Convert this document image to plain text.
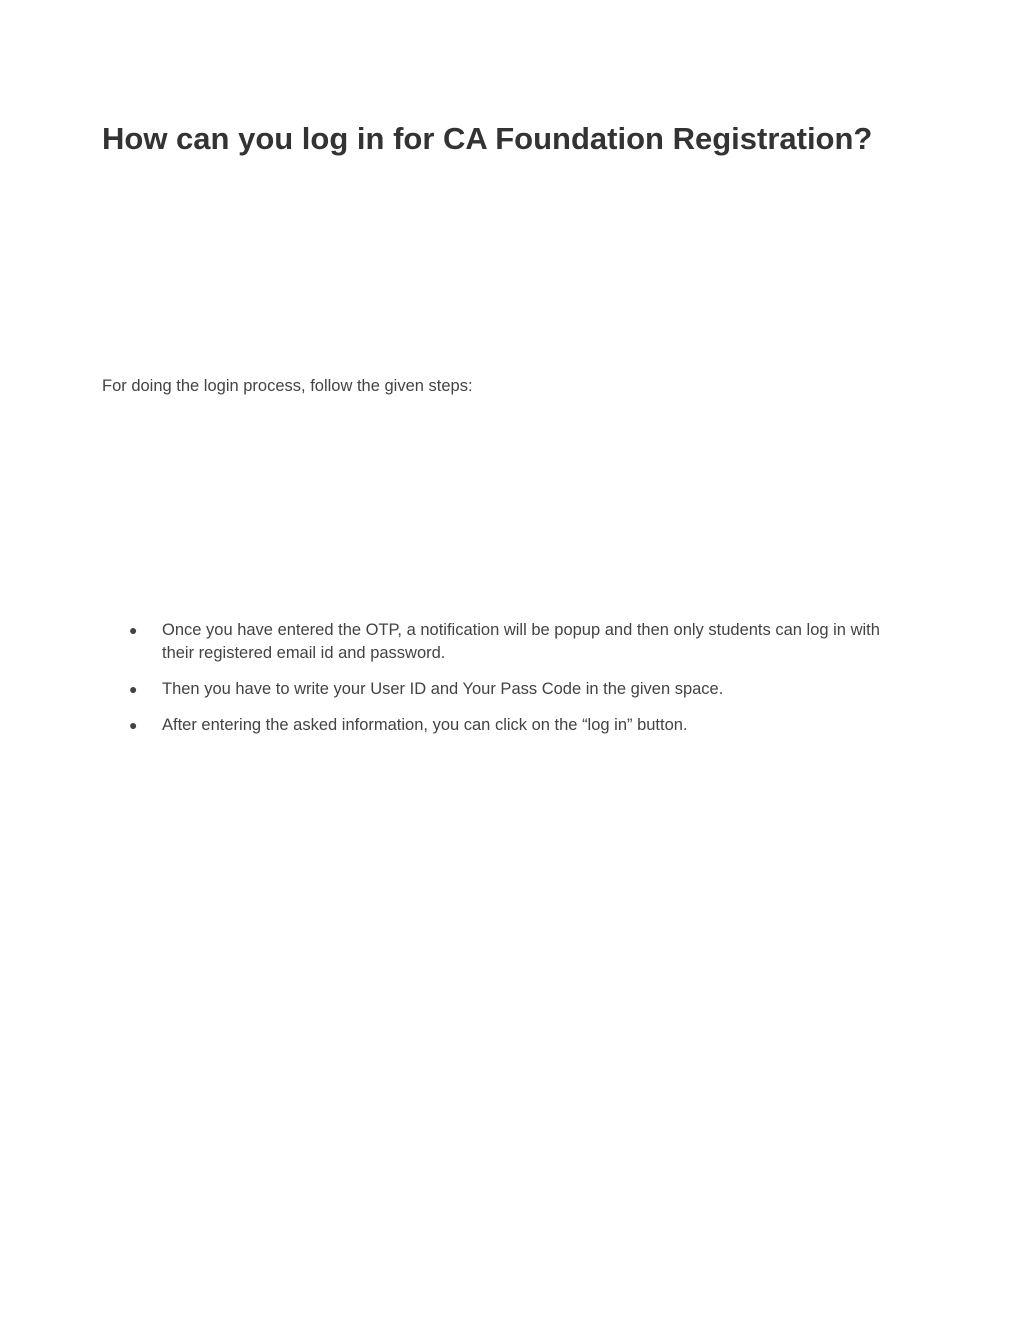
How can you log in for CA Foundation Registration?

For doing the login process, follow the given steps:

● Once you have entered the OTP, a notification will be popup and then only students can log in with their registered email id and password.
● Then you have to write your User ID and Your Pass Code in the given space.
● After entering the asked information, you can click on the “log in” button.
